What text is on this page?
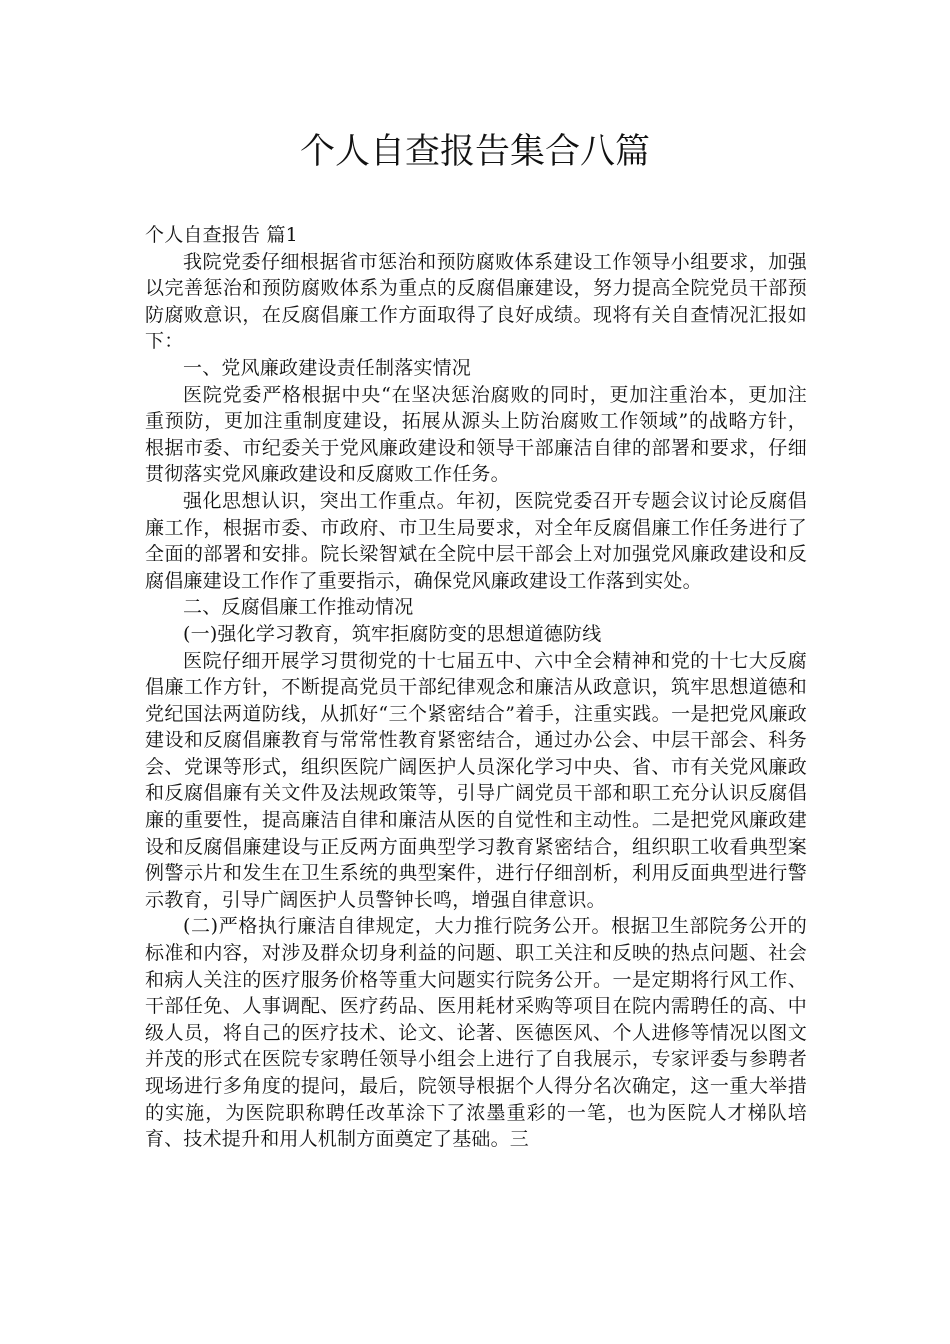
个人自查报告集合八篇

个人自查报告 篇1

我院党委仔细根据省市惩治和预防腐败体系建设工作领导小组要求，加强以完善惩治和预防腐败体系为重点的反腐倡廉建设，努力提高全院党员干部预防腐败意识，在反腐倡廉工作方面取得了良好成绩。现将有关自查情况汇报如下：

一、党风廉政建设责任制落实情况

医院党委严格根据中央“在坚决惩治腐败的同时，更加注重治本，更加注重预防，更加注重制度建设，拓展从源头上防治腐败工作领域”的战略方针，根据市委、市纪委关于党风廉政建设和领导干部廉洁自律的部署和要求，仔细贯彻落实党风廉政建设和反腐败工作任务。

强化思想认识，突出工作重点。年初，医院党委召开专题会议讨论反腐倡廉工作，根据市委、市政府、市卫生局要求，对全年反腐倡廉工作任务进行了全面的部署和安排。院长梁智斌在全院中层干部会上对加强党风廉政建设和反腐倡廉建设工作作了重要指示，确保党风廉政建设工作落到实处。

二、反腐倡廉工作推动情况

(一)强化学习教育，筑牢拒腐防变的思想道德防线

医院仔细开展学习贯彻党的十七届五中、六中全会精神和党的十七大反腐倡廉工作方针，不断提高党员干部纪律观念和廉洁从政意识，筑牢思想道德和党纪国法两道防线，从抓好“三个紧密结合”着手，注重实践。一是把党风廉政建设和反腐倡廉教育与常常性教育紧密结合，通过办公会、中层干部会、科务会、党课等形式，组织医院广阔医护人员深化学习中央、省、市有关党风廉政和反腐倡廉有关文件及法规政策等，引导广阔党员干部和职工充分认识反腐倡廉的重要性，提高廉洁自律和廉洁从医的自觉性和主动性。二是把党风廉政建设和反腐倡廉建设与正反两方面典型学习教育紧密结合，组织职工收看典型案例警示片和发生在卫生系统的典型案件，进行仔细剖析，利用反面典型进行警示教育，引导广阔医护人员警钟长鸣，增强自律意识。

(二)严格执行廉洁自律规定，大力推行院务公开。根据卫生部院务公开的标准和内容，对涉及群众切身利益的问题、职工关注和反映的热点问题、社会和病人关注的医疗服务价格等重大问题实行院务公开。一是定期将行风工作、干部任免、人事调配、医疗药品、医用耗材采购等项目在院内需聘任的高、中级人员，将自己的医疗技术、论文、论著、医德医风、个人进修等情况以图文并茂的形式在医院专家聘任领导小组会上进行了自我展示，专家评委与参聘者现场进行多角度的提问，最后，院领导根据个人得分名次确定，这一重大举措的实施，为医院职称聘任改革涂下了浓墨重彩的一笔，也为医院人才梯队培育、技术提升和用人机制方面奠定了基础。三
